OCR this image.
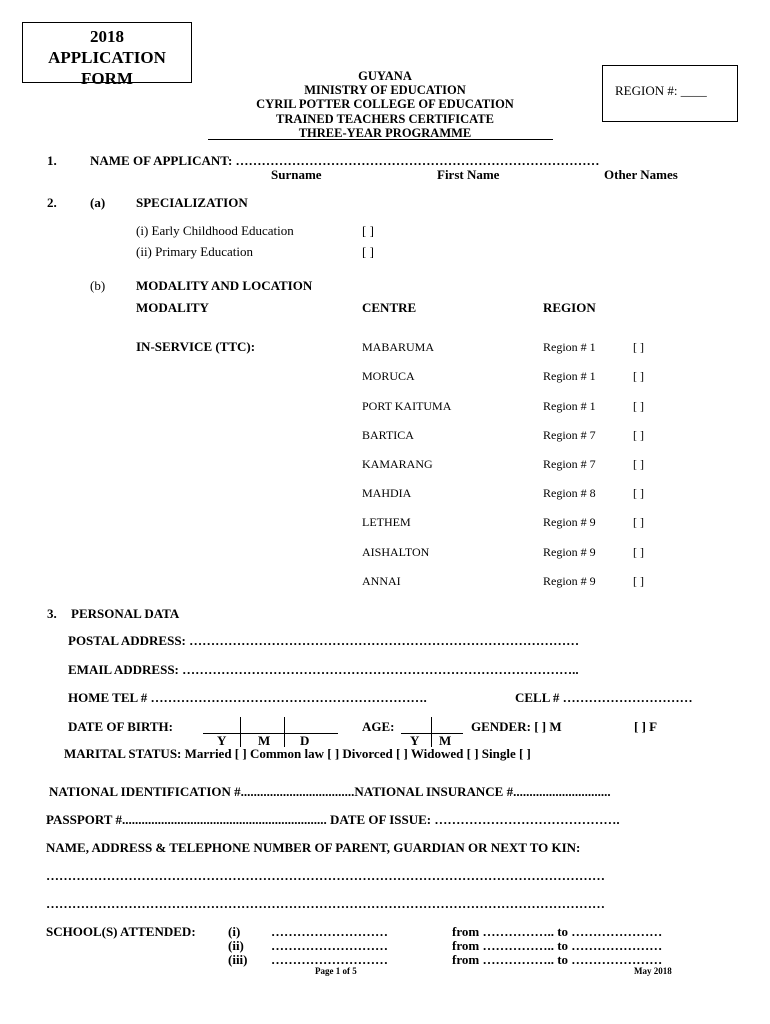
2018
APPLICATION
FORM	GUYANA
MINISTRY OF EDUCATION
CYRIL POTTER COLLEGE OF EDUCATION
TRAINED TEACHERS CERTIFICATE
THREE-YEAR PROGRAMME
REGION #: ____
1.	NAME OF APPLICANT: …………………………………………………………………………
Surname	First Name	Other Names
2.	(a) SPECIALIZATION
(i) Early Childhood Education	[ ]
(ii) Primary Education	[ ]
(b) MODALITY AND LOCATION
MODALITY	CENTRE	REGION
IN-SERVICE (TTC):	MABARUMA	Region # 1	[ ]
MORUCA	Region # 1	[ ]
PORT KAITUMA	Region # 1	[ ]
BARTICA	Region # 7	[ ]
KAMARANG	Region # 7	[ ]
MAHDIA	Region # 8	[ ]
LETHEM	Region # 9	[ ]
AISHALTON	Region # 9	[ ]
ANNAI	Region # 9	[ ]
3. PERSONAL DATA
POSTAL ADDRESS: ………………………………………………………………………………
EMAIL ADDRESS: ………………………………………………………………………………..
HOME TEL # ……………………………………………………….	CELL # …………………………
DATE OF BIRTH:
Y M D
AGE:
Y M
GENDER: [ ] M	[ ] F
MARITAL STATUS: Married [ ] Common law [ ] Divorced [ ] Widowed [ ] Single [ ]
NATIONAL IDENTIFICATION #...................................NATIONAL INSURANCE #..............................
PASSPORT #............................................................... DATE OF ISSUE: …………………………………….
NAME, ADDRESS & TELEPHONE NUMBER OF PARENT, GUARDIAN OR NEXT TO KIN:
…………………………………………………………………………………………………………………
…………………………………………………………………………………………………………………
SCHOOL(S) ATTENDED: (i) ………………………	from …………….. to …………………
(ii) ………………………	from …………….. to …………………
(iii) ………………………	from …………….. to …………………
Page 1 of 5	May 2018
